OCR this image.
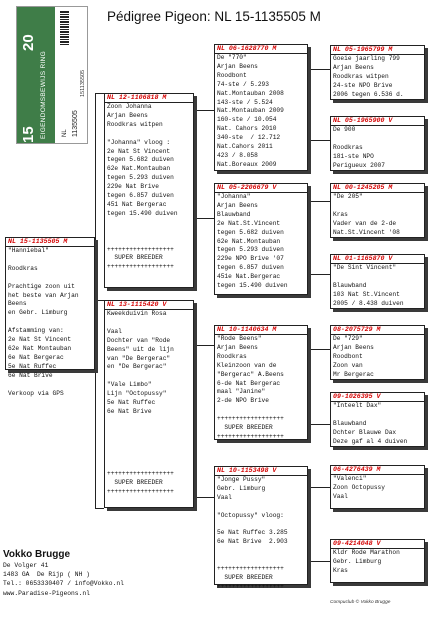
Pédigree Pigeon: NL 15-1135505 M
20
15 EIGENDOMSBEWIJS RING	NL 1135505
151135505
NL 15-1135505 M
"Hanniebal"

Roodkras

Prachtige zoon uit
het beste van Arjan
Beens
en Gebr. Limburg

Afstamming van:
2e Nat St Vincent
62e Nat Montauban
6e Nat Bergerac
5e Nat Ruffec
6e Nat Brive

Verkoop via GPS
NL 12-1106818 M
Zoon Johanna
Arjan Beens
Roodkras witpen

"Johanna" vloog :
2e Nat St Vincent
tegen 5.682 duiven
62e Nat.Montauban
tegen 5.293 duiven
229e Nat Brive
tegen 6.857 duiven
451 Nat Bergerac
tegen 15.490 duiven

++++++++++++++++++
SUPER BREEDER
++++++++++++++++++
NL 13-1115420 V
Kweekduivin Rosa

Vaal
Dochter van "Rode
Beens" uit de lijn
van "De Bergerac"
en "De Bergerac"

"Vale Limbo"
Lijn "Octopussy"
5e Nat Ruffec
6e Nat Brive

++++++++++++++++++
SUPER BREEDER
++++++++++++++++++
NL 06-1628770 M
De "770"
Arjan Beens
Roodbont
74-ste / 5.293
Nat.Montauban 2008
143-ste / 5.524
Nat.Montauban 2009
160-ste / 10.054
Nat. Cahors 2010
340-ste  / 12.712
Nat.Cahors 2011
423 / 8.058
Nat.Boreaux 2009
NL 05-2206679 V
"Johanna"
Arjan Beens
Blauwband
2e Nat.St.Vincent
tegen 5.682 duiven
62e Nat.Montauban
tegen 5.293 duiven
229e NPO Brive '07
tegen 6.857 duiven
451e Nat.Bergerac
tegen 15.490 duiven
NL 10-1140634 M
"Rode Beens"
Arjan Beens
Roodkras
Kleinzoon van de
"Bergerac" A.Beens
6-de Nat Bergerac
maal "Janine"
2-de NPO Brive

++++++++++++++++++
SUPER BREEDER
++++++++++++++++++
NL 10-1153498 V
"Jonge Pussy"
Gebr. Limburg
Vaal

"Octopussy" vloog:

5e Nat Ruffec 3.285
6e Nat Brive  2.903

++++++++++++++++++
SUPER BREEDER
++++++++++++++++++
NL 05-1965799 M
Goeie jaarling 799
Arjan Beens
Roodkras witpen
24-ste NPO Brive
2006 tegen 6.536 d.
NL 05-1965900 V
De 900

Roodkras
181-ste NPO
Perigueux 2007
NL 00-1245205 M
"De 205"

Kras
Vader van de 2-de
Nat.St.Vincent '08
NL 01-1165870 V
"De Sint Vincent"

Blauwband
103 Nat St.Vincent
2005 / 8.438 duiven
08-2075729 M
De "729"
Arjan Beens
Roodbont
Zoon van
Mr Bergerac
09-1026395 V
"Inteelt Dax"

Blauwband
Dchter Blauwe Dax
Deze gaf al 4 duiven
06-4276439 M
"Valenci"
Zoon Octopussy
Vaal
09-4214048 V
Kldr Rode Marathon
Gebr. Limburg
Kras
Vokko Brugge
De Volger 41
1483 GA  De Rijp ( NH )
Tel.: 0653330407 / info@Vokko.nl
www.Paradise-Pigeons.nl
Compuclub © Vokko Brugge
